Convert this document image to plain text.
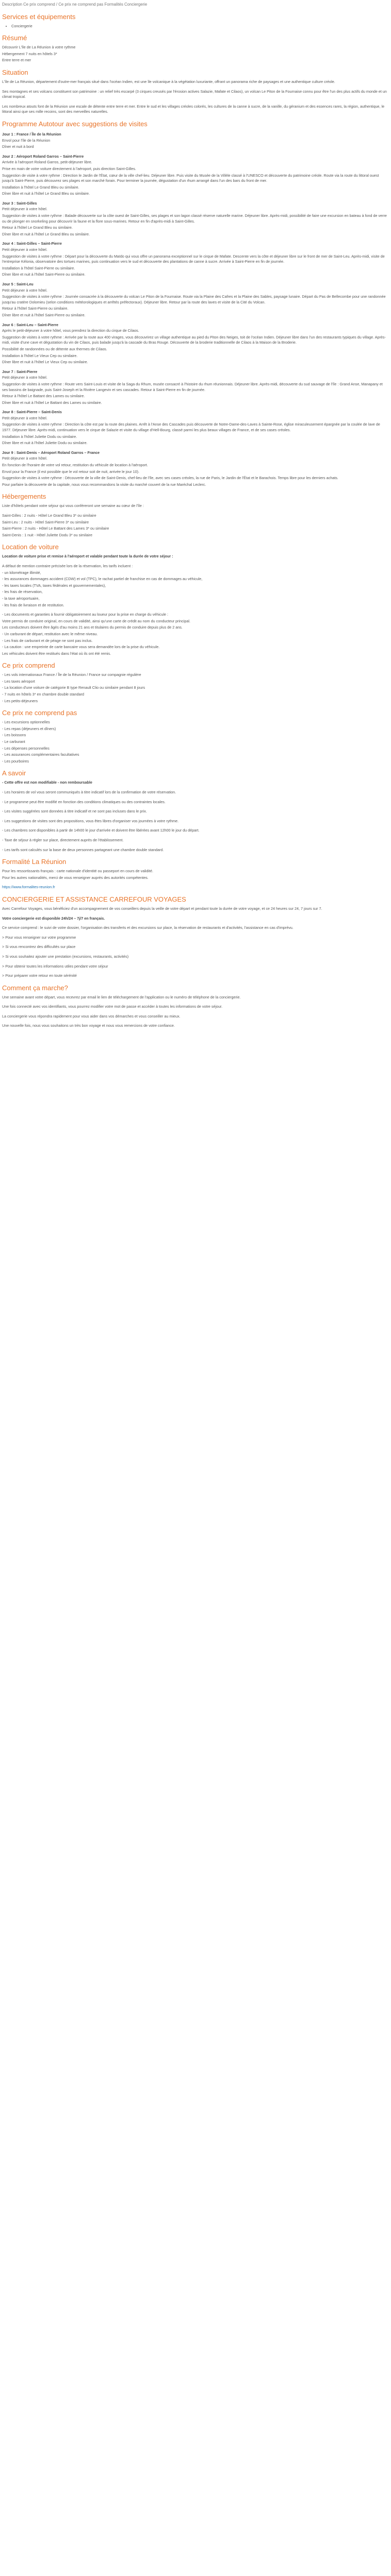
Description Ce prix comprend / Ce prix ne comprend pas Formalités Conciergerie
Services et équipements
• Conciergerie
Résumé
Découvrir L'île de La Réunion à votre rythme
Hébergement 7 nuits en hôtels 3*
Entre terre et mer
Situation
L'île de La Réunion, département d'outre-mer français situé dans l'océan Indien, est une île volcanique à la végétation luxuriante, offrant un panorama riche de paysages et une authentique culture créole.
Ses montagnes et ses volcans constituent son patrimoine : un relief très escarpé (3 cirques creusés par l'érosion actives Salazie, Mafate et Cilaos), un volcan Le Piton de la Fournaise connu pour être l'un des plus actifs du monde et un climat tropical.
Les nombreux atouts font de la Réunion une escale de détente entre terre et mer. Entre le sud et les villages créoles colorés, les cultures de la canne à sucre, de la vanille, du géranium et des essences rares, la région, authentique, le littoral ainsi que ses mille recoins, sont des merveilles naturelles.
Programme Autotour avec suggestions de visites
Jour 1 : France / Île de la Réunion
Envol pour l'île de la Réunion
Dîner et nuit à bord
Jour 2 : Aéroport Roland Garros – Saint-Pierre
Arrivée à l'aéroport Roland Garros, petit-déjeuner libre.
Prise en main de votre voiture directement à l'aéroport, puis direction Saint-Gilles.
Suggestion de visite à votre rythme : Direction le Jardin de l'État, cœur de la ville chef-lieu. Déjeuner libre. Puis visite du Musée de la Villèle classé à l'UNESCO et découverte du patrimoine créole. Route via la route du littoral ouest jusqu'à Saint-Pierre, puis découvrez ses plages et son marché forain. Pour terminer la journée, dégustation d'un rhum arrangé dans l'un des bars du front de mer.
Installation à l'hôtel Le Grand Bleu ou similaire.
Dîner libre et nuit à l'hôtel Le Grand Bleu ou similaire.
Jour 3 : Saint-Gilles
Petit déjeuner à votre hôtel.
Suggestion de visites à votre rythme : Balade découverte sur la côte ouest de Saint-Gilles, ses plages et son lagon classé réserve naturelle marine. Déjeuner libre. Après-midi, possibilité de faire une excursion en bateau à fond de verre ou de plonger en snorkeling pour découvrir la faune et la flore sous-marines. Retour en fin d'après-midi à Saint-Gilles.
Retour à l'hôtel Le Grand Bleu ou similaire.
Dîner libre et nuit à l'hôtel Le Grand Bleu ou similaire.
Jour 4 : Saint-Gilles – Saint-Pierre
Petit déjeuner à votre hôtel.
Suggestion de visites à votre rythme : Départ pour la découverte du Maïdo qui vous offre un panorama exceptionnel sur le cirque de Mafate. Descente vers la côte et déjeuner libre sur le front de mer de Saint-Leu. Après-midi, visite de l'entreprise Kélonia, observatoire des tortues marines, puis continuation vers le sud et découverte des plantations de canne à sucre. Arrivée à Saint-Pierre en fin de journée.
Installation à l'hôtel Saint-Pierre ou similaire.
Dîner libre et nuit à l'hôtel Saint-Pierre ou similaire.
Jour 5 : Saint-Leu
Petit déjeuner à votre hôtel.
Suggestion de visites à votre rythme : Journée consacrée à la découverte du volcan Le Piton de la Fournaise. Route via la Plaine des Cafres et la Plaine des Sables, paysage lunaire. Départ du Pas de Bellecombe pour une randonnée jusqu'au cratère Dolomieu (selon conditions météorologiques et arrêtés préfectoraux). Déjeuner libre. Retour par la route des laves et visite de la Cité du Volcan.
Retour à l'hôtel Saint-Pierre ou similaire.
Dîner libre et nuit à l'hôtel Saint-Pierre ou similaire.
Jour 6 : Saint-Leu – Saint-Pierre
Après le petit-déjeuner à votre hôtel, vous prendrez la direction du cirque de Cilaos.
Suggestion de visites à votre rythme : Arrivée par la route aux 400 virages, vous découvrirez un village authentique au pied du Piton des Neiges, toit de l'océan Indien. Déjeuner libre dans l'un des restaurants typiques du village. Après-midi, visite d'une cave et dégustation du vin de Cilaos, puis balade jusqu'à la cascade du Bras Rouge. Découverte de la broderie traditionnelle de Cilaos à la Maison de la Broderie.
Possibilité de randonnées ou de détente aux thermes de Cilaos.
Installation à l'hôtel Le Vieux Cep ou similaire.
Dîner libre et nuit à l'hôtel Le Vieux Cep ou similaire.
Jour 7 : Saint-Pierre
Petit déjeuner à votre hôtel.
Suggestion de visites à votre rythme : Route vers Saint-Louis et visite de la Saga du Rhum, musée consacré à l'histoire du rhum réunionnais. Déjeuner libre. Après-midi, découverte du sud sauvage de l'île : Grand Anse, Manapany et ses bassins de baignade, puis Saint-Joseph et la Rivière Langevin et ses cascades. Retour à Saint-Pierre en fin de journée.
Retour à l'hôtel Le Battant des Lames ou similaire.
Dîner libre et nuit à l'hôtel Le Battant des Lames ou similaire.
Jour 8 : Saint-Pierre – Saint-Denis
Petit déjeuner à votre hôtel.
Suggestion de visites à votre rythme : Direction la côte est par la route des plaines. Arrêt à l'Anse des Cascades puis découverte de Notre-Dame-des-Laves à Sainte-Rose, église miraculeusement épargnée par la coulée de lave de 1977. Déjeuner libre. Après-midi, continuation vers le cirque de Salazie et visite du village d'Hell-Bourg, classé parmi les plus beaux villages de France, et de ses cases créoles.
Installation à l'hôtel Juliette Dodu ou similaire.
Dîner libre et nuit à l'hôtel Juliette Dodu ou similaire.
Jour 9 : Saint-Denis – Aéroport Roland Garros – France
Petit déjeuner à votre hôtel.
En fonction de l'horaire de votre vol retour, restitution du véhicule de location à l'aéroport.
Envol pour la France (il est possible que le vol retour soit de nuit, arrivée le jour 10).
Suggestion de visites à votre rythme : Découverte de la ville de Saint-Denis, chef-lieu de l'île, avec ses cases créoles, la rue de Paris, le Jardin de l'État et le Barachois. Temps libre pour les derniers achats.
Pour parfaire la découverte de la capitale, nous vous recommandons la visite du marché couvert de la rue Maréchal Leclerc.
Hébergements
Liste d'hôtels pendant votre séjour qui vous conféreront une semaine au cœur de l'île :
Saint-Gilles : 2 nuits - Hôtel Le Grand Bleu 3* ou similaire
Saint-Leu : 2 nuits - Hôtel Saint-Pierre 3* ou similaire
Saint-Pierre : 2 nuits - Hôtel Le Battant des Lames 3* ou similaire
Saint-Denis : 1 nuit - Hôtel Juliette Dodu 3* ou similaire
Location de voiture
Location de voiture prise et remise à l'aéroport et valable pendant toute la durée de votre séjour :
A défaut de mention contraire précisée lors de la réservation, les tarifs incluent :
- un kilométrage illimité,
- les assurances dommages accident (CDW) et vol (TPC), le rachat partiel de franchise en cas de dommages au véhicule,
- les taxes locales (TVA, taxes fédérales et gouvernementales),
- les frais de réservation,
- la taxe aéroportuaire,
- les frais de livraison et de restitution.
- Les documents et garanties à fournir obligatoirement au loueur pour la prise en charge du véhicule :
Votre permis de conduire original, en cours de validité, ainsi qu'une carte de crédit au nom du conducteur principal.
Les conducteurs doivent être âgés d'au moins 21 ans et titulaires du permis de conduire depuis plus de 2 ans.
- Un carburant de départ, restitution avec le même niveau.
- Les frais de carburant et de péage ne sont pas inclus.
- La caution : une empreinte de carte bancaire vous sera demandée lors de la prise du véhicule.
Les véhicules doivent être restitués dans l'état où ils ont été remis.
Ce prix comprend
- Les vols internationaux France / Île de la Réunion / France sur compagnie régulière
- Les taxes aéroport
- La location d'une voiture de catégorie B type Renault Clio ou similaire pendant 8 jours
- 7 nuits en hôtels 3* en chambre double standard
- Les petits-déjeuners
Ce prix ne comprend pas
- Les excursions optionnelles
- Les repas (déjeuners et dîners)
- Les boissons
- Le carburant
- Les dépenses personnelles
- Les assurances complémentaires facultatives
- Les pourboires
A savoir
- Cette offre est non modifiable - non remboursable
- Les horaires de vol vous seront communiqués à titre indicatif lors de la confirmation de votre réservation.
- Le programme peut être modifié en fonction des conditions climatiques ou des contraintes locales.
- Les visites suggérées sont données à titre indicatif et ne sont pas incluses dans le prix.
- Les suggestions de visites sont des propositions, vous êtes libres d'organiser vos journées à votre rythme.
- Les chambres sont disponibles à partir de 14h00 le jour d'arrivée et doivent être libérées avant 12h00 le jour du départ.
- Taxe de séjour à régler sur place, directement auprès de l'établissement.
- Les tarifs sont calculés sur la base de deux personnes partageant une chambre double standard.
Formalité La Réunion
Pour les ressortissants français : carte nationale d'identité ou passeport en cours de validité.
Pour les autres nationalités, merci de vous renseigner auprès des autorités compétentes.
https://www.formalites-reunion.fr
CONCIERGERIE ET ASSISTANCE CARREFOUR VOYAGES
Avec Carrefour Voyages, vous bénéficiez d'un accompagnement de vos conseillers depuis la veille de votre départ et pendant toute la durée de votre voyage, et ce 24 heures sur 24, 7 jours sur 7.
Votre conciergerie est disponible 24h/24 – 7j/7 en français.
Ce service comprend : le suivi de votre dossier, l'organisation des transferts et des excursions sur place, la réservation de restaurants et d'activités, l'assistance en cas d'imprévu.
> Pour vous renseigner sur votre programme
> Si vous rencontrez des difficultés sur place
> Si vous souhaitez ajouter une prestation (excursions, restaurants, activités)
> Pour obtenir toutes les informations utiles pendant votre séjour
> Pour préparer votre retour en toute sérénité
Comment ça marche?
Une semaine avant votre départ, vous recevrez par email le lien de téléchargement de l'application ou le numéro de téléphone de la conciergerie.
Une fois connecté avec vos identifiants, vous pourrez modifier votre mot de passe et accéder à toutes les informations de votre séjour.
La conciergerie vous répondra rapidement pour vous aider dans vos démarches et vous conseiller au mieux.
Une nouvelle fois, nous vous souhaitons un très bon voyage et nous vous remercions de votre confiance.
